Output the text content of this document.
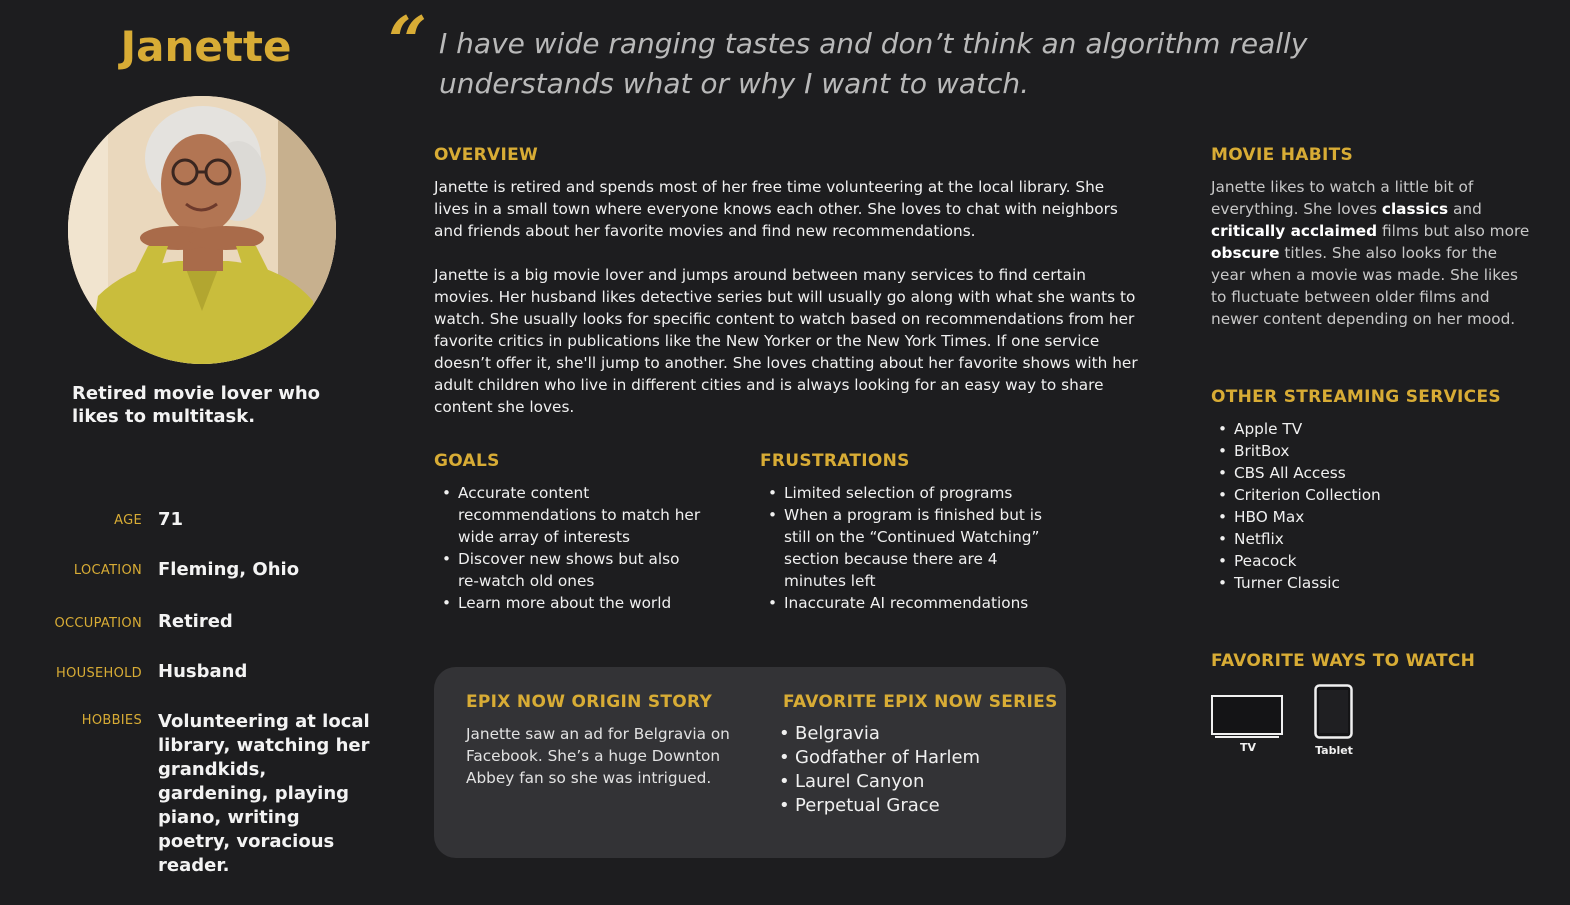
Janette
Retired movie lover who likes to multitask.
AGE 71
LOCATION Fleming, Ohio
OCCUPATION Retired
HOUSEHOLD Husband
HOBBIES Volunteering at local library, watching her grandkids, gardening, playing piano, writing poetry, voracious reader.
“ I have wide ranging tastes and don’t think an algorithm really understands what or why I want to watch.
OVERVIEW
Janette is retired and spends most of her free time volunteering at the local library. She lives in a small town where everyone knows each other. She loves to chat with neighbors and friends about her favorite movies and find new recommendations.
Janette is a big movie lover and jumps around between many services to find certain movies. Her husband likes detective series but will usually go along with what she wants to watch. She usually looks for specific content to watch based on recommendations from her favorite critics in publications like the New Yorker or the New York Times. If one service doesn’t offer it, she'll jump to another. She loves chatting about her favorite shows with her adult children who live in different cities and is always looking for an easy way to share content she loves.
GOALS
• Accurate content recommendations to match her wide array of interests
• Discover new shows but also re-watch old ones
• Learn more about the world
FRUSTRATIONS
• Limited selection of programs
• When a program is finished but is still on the “Continued Watching” section because there are 4 minutes left
• Inaccurate AI recommendations
EPIX NOW ORIGIN STORY
Janette saw an ad for Belgravia on Facebook. She’s a huge Downton Abbey fan so she was intrigued.
FAVORITE EPIX NOW SERIES
• Belgravia
• Godfather of Harlem
• Laurel Canyon
• Perpetual Grace
MOVIE HABITS
Janette likes to watch a little bit of everything. She loves classics and critically acclaimed films but also more obscure titles. She also looks for the year when a movie was made. She likes to fluctuate between older films and newer content depending on her mood.
OTHER STREAMING SERVICES
• Apple TV
• BritBox
• CBS All Access
• Criterion Collection
• HBO Max
• Netflix
• Peacock
• Turner Classic
FAVORITE WAYS TO WATCH
TV	Tablet
